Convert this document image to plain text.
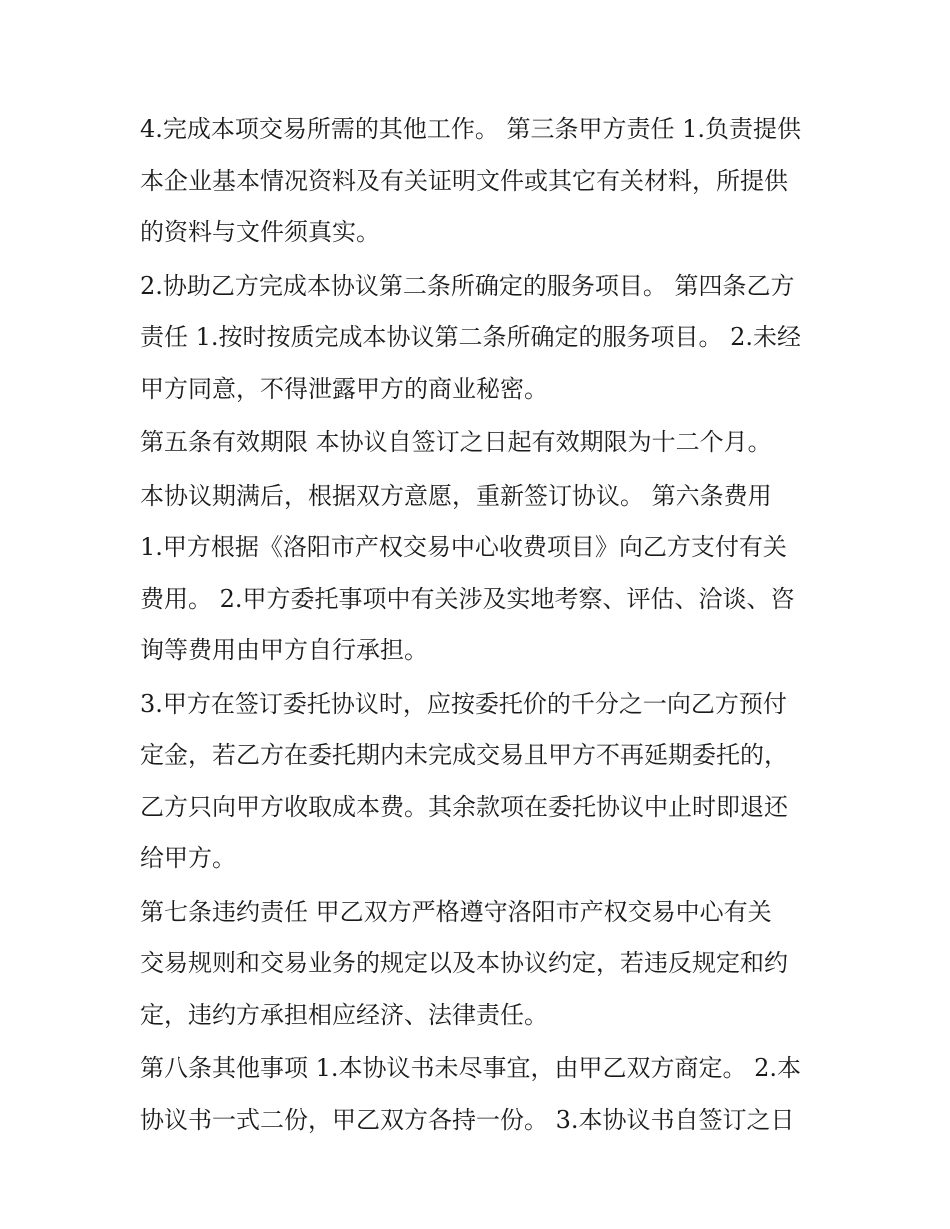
4.完成本项交易所需的其他工作。 第三条甲方责任 1.负责提供
本企业基本情况资料及有关证明文件或其它有关材料，所提供
的资料与文件须真实。

2.协助乙方完成本协议第二条所确定的服务项目。 第四条乙方
责任 1.按时按质完成本协议第二条所确定的服务项目。 2.未经
甲方同意，不得泄露甲方的商业秘密。

第五条有效期限 本协议自签订之日起有效期限为十二个月。

本协议期满后，根据双方意愿，重新签订协议。 第六条费用
1.甲方根据《洛阳市产权交易中心收费项目》向乙方支付有关
费用。 2.甲方委托事项中有关涉及实地考察、评估、洽谈、咨
询等费用由甲方自行承担。

3.甲方在签订委托协议时，应按委托价的千分之一向乙方预付
定金，若乙方在委托期内未完成交易且甲方不再延期委托的，
乙方只向甲方收取成本费。其余款项在委托协议中止时即退还
给甲方。

第七条违约责任 甲乙双方严格遵守洛阳市产权交易中心有关
交易规则和交易业务的规定以及本协议约定，若违反规定和约
定，违约方承担相应经济、法律责任。

第八条其他事项 1.本协议书未尽事宜，由甲乙双方商定。 2.本
协议书一式二份，甲乙双方各持一份。 3.本协议书自签订之日
